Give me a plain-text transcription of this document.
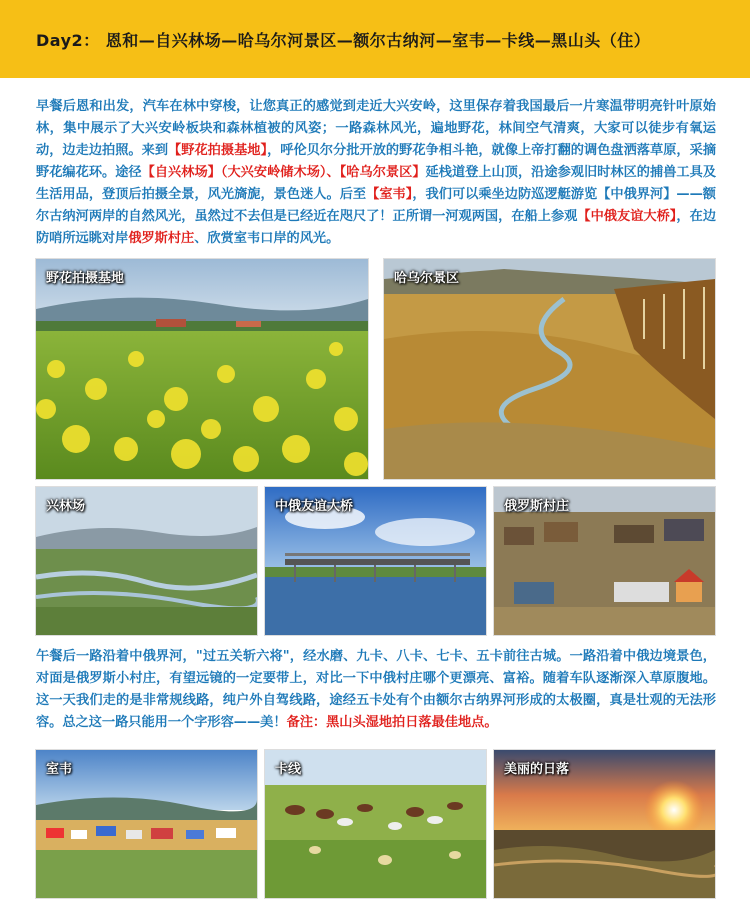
Day2： 恩和—自兴林场—哈乌尔河景区—额尔古纳河—室韦—卡线—黑山头（住）
早餐后恩和出发，汽车在林中穿梭，让您真正的感觉到走近大兴安岭，这里保存着我国最后一片寒温带明亮针叶原始林，集中展示了大兴安岭板块和森林植被的风姿；一路森林风光，遍地野花，林间空气清爽，大家可以徒步有氧运动，边走边拍照。来到【野花拍摄基地】，呼伦贝尔分批开放的野花争相斗艳，就像上帝打翻的调色盘洒落草原，采摘野花编花环。途径【自兴林场】（大兴安岭储木场）、【哈乌尔景区】延栈道登上山顶，沿途参观旧时林区的捕兽工具及生活用品，登顶后拍摄全景，风光旖旎，景色迷人。后至【室韦】，我们可以乘坐边防巡逻艇游览【中俄界河】——额尔古纳河两岸的自然风光，虽然过不去但是已经近在咫尺了！正所谓一河观两国，在船上参观【中俄友谊大桥】，在边防哨所远眺对岸俄罗斯村庄、欣赏室韦口岸的风光。
野花拍摄基地	哈乌尔景区
兴林场	中俄友谊大桥	俄罗斯村庄
午餐后一路沿着中俄界河，"过五关斩六将"，经水磨、九卡、八卡、七卡、五卡前往古城。一路沿着中俄边境景色，对面是俄罗斯小村庄，有望远镜的一定要带上，对比一下中俄村庄哪个更漂亮、富裕。随着车队逐渐深入草原腹地。这一天我们走的是非常规线路，纯户外自驾线路，途经五卡处有个由额尔古纳界河形成的太极圈，真是壮观的无法形容。总之这一路只能用一个字形容——美！备注：黑山头湿地拍日落最佳地点。
室韦	卡线	美丽的日落
